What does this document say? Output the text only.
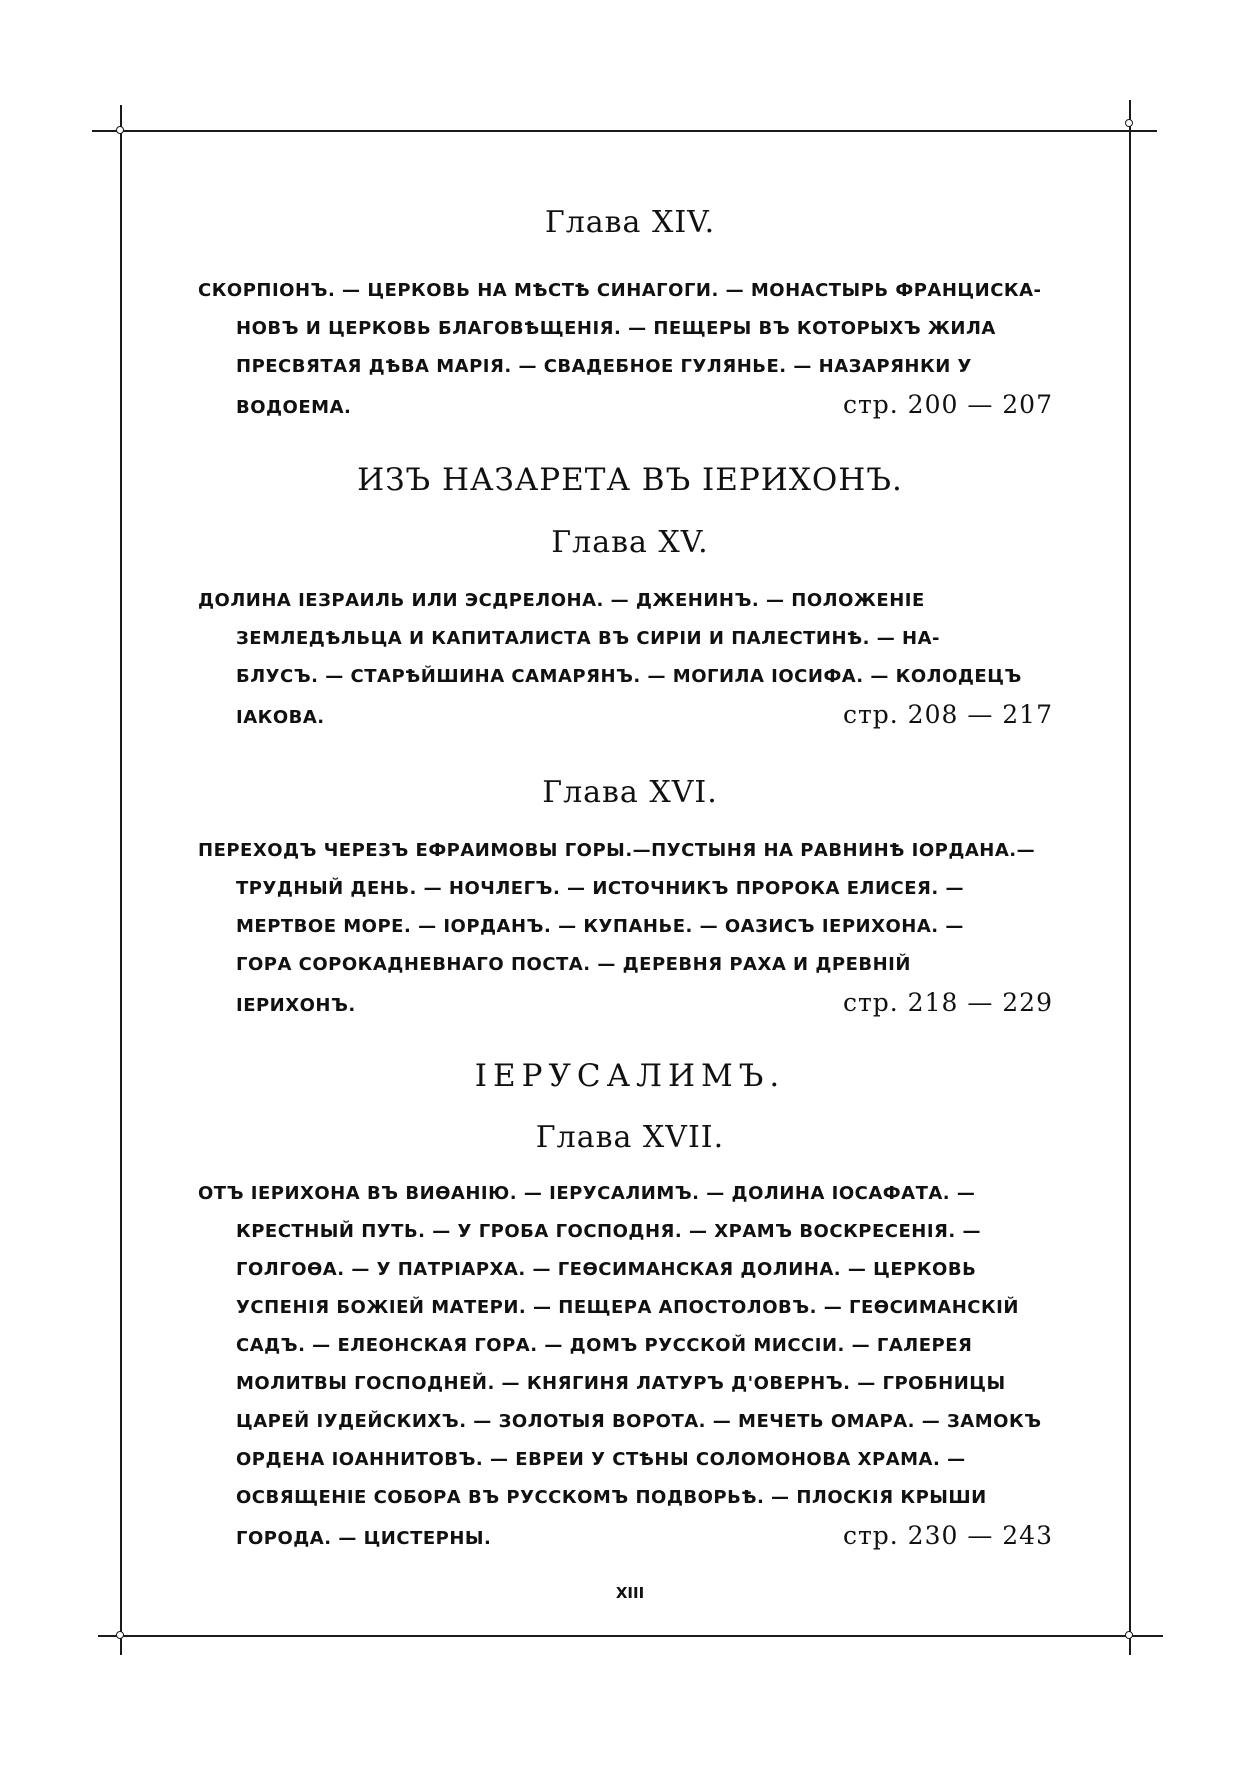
Глава XIV.
СКОРПІОНЪ. — ЦЕРКОВЬ НА МѢСТѢ СИНАГОГИ. — МОНАСТЫРЬ ФРАНЦИСКА-
НОВЪ И ЦЕРКОВЬ БЛАГОВѢЩЕНІЯ. — ПЕЩЕРЫ ВЪ КОТОРЫХЪ ЖИЛА
ПРЕСВЯТАЯ ДѢВА МАРІЯ. — СВАДЕБНОЕ ГУЛЯНЬЕ. — НАЗАРЯНКИ У
ВОДОЕМА.	стр. 200 — 207
ИЗЪ НАЗАРЕТА ВЪ ІЕРИХОНЪ.
Глава XV.
ДОЛИНА ІЕЗРАИЛЬ ИЛИ ЭСДРЕЛОНА. — ДЖЕНИНЪ. — ПОЛОЖЕНІЕ
ЗЕМЛЕДѢЛЬЦА И КАПИТАЛИСТА ВЪ СИРІИ И ПАЛЕСТИНѢ. — НА-
БЛУСЪ. — СТАРѢЙШИНА САМАРЯНЪ. — МОГИЛА ІОСИФА. — КОЛОДЕЦЪ
ІАКОВА.	стр. 208 — 217
Глава XVI.
ПЕРЕХОДЪ ЧЕРЕЗЪ ЕФРАИМОВЫ ГОРЫ.—ПУСТЫНЯ НА РАВНИНѢ ІОРДАНА.—
ТРУДНЫЙ ДЕНЬ. — НОЧЛЕГЪ. — ИСТОЧНИКЪ ПРОРОКА ЕЛИСЕЯ. —
МЕРТВОЕ МОРЕ. — ІОРДАНЪ. — КУПАНЬЕ. — ОАЗИСЪ ІЕРИХОНА. —
ГОРА СОРОКАДНЕВНАГО ПОСТА. — ДЕРЕВНЯ РАХА И ДРЕВНІЙ
ІЕРИХОНЪ.	стр. 218 — 229
ІЕРУСАЛИМЪ.
Глава XVII.
ОТЪ ІЕРИХОНА ВЪ ВИѲАНІЮ. — ІЕРУСАЛИМЪ. — ДОЛИНА ІОСАФАТА. —
КРЕСТНЫЙ ПУТЬ. — У ГРОБА ГОСПОДНЯ. — ХРАМЪ ВОСКРЕСЕНІЯ. —
ГОЛГОѲА. — У ПАТРІАРХА. — ГЕѲСИМАНСКАЯ ДОЛИНА. — ЦЕРКОВЬ
УСПЕНІЯ БОЖІЕЙ МАТЕРИ. — ПЕЩЕРА АПОСТОЛОВЪ. — ГЕѲСИМАНСКІЙ
САДЪ. — ЕЛЕОНСКАЯ ГОРА. — ДОМЪ РУССКОЙ МИССІИ. — ГАЛЕРЕЯ
МОЛИТВЫ ГОСПОДНЕЙ. — КНЯГИНЯ ЛАТУРЪ Д'ОВЕРНЪ. — ГРОБНИЦЫ
ЦАРЕЙ ІУДЕЙСКИХЪ. — ЗОЛОТЫЯ ВОРОТА. — МЕЧЕТЬ ОМАРА. — ЗАМОКЪ
ОРДЕНА ІОАННИТОВЪ. — ЕВРЕИ У СТѢНЫ СОЛОМОНОВА ХРАМА. —
ОСВЯЩЕНІЕ СОБОРА ВЪ РУССКОМЪ ПОДВОРЬѢ. — ПЛОСКІЯ КРЫШИ
ГОРОДА. — ЦИСТЕРНЫ.	стр. 230 — 243
XIII
